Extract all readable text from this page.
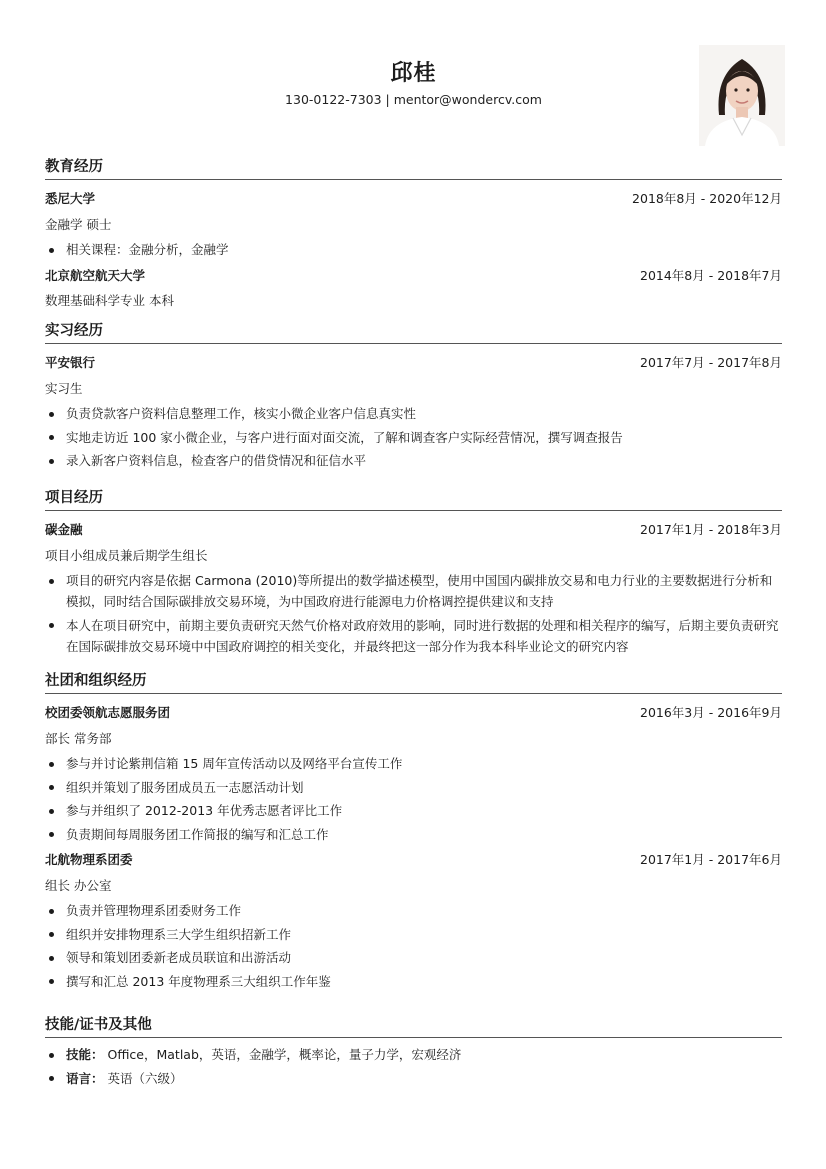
邱桂
130-0122-7303 | mentor@wondercv.com
教育经历
悉尼大学	2018年8月 - 2020年12月
金融学 硕士
相关课程：金融分析，金融学
北京航空航天大学	2014年8月 - 2018年7月
数理基础科学专业 本科
实习经历
平安银行	2017年7月 - 2017年8月
实习生
负责贷款客户资料信息整理工作，核实小微企业客户信息真实性
实地走访近 100 家小微企业，与客户进行面对面交流，了解和调查客户实际经营情况，撰写调查报告
录入新客户资料信息，检查客户的借贷情况和征信水平
项目经历
碳金融	2017年1月 - 2018年3月
项目小组成员兼后期学生组长
项目的研究内容是依据 Carmona (2010)等所提出的数学描述模型，使用中国国内碳排放交易和电力行业的主要数据进行分析和模拟，同时结合国际碳排放交易环境，为中国政府进行能源电力价格调控提供建议和支持
本人在项目研究中，前期主要负责研究天然气价格对政府效用的影响，同时进行数据的处理和相关程序的编写，后期主要负责研究在国际碳排放交易环境中中国政府调控的相关变化，并最终把这一部分作为我本科毕业论文的研究内容
社团和组织经历
校团委领航志愿服务团	2016年3月 - 2016年9月
部长 常务部
参与并讨论紫荆信箱 15 周年宣传活动以及网络平台宣传工作
组织并策划了服务团成员五一志愿活动计划
参与并组织了 2012-2013 年优秀志愿者评比工作
负责期间每周服务团工作简报的编写和汇总工作
北航物理系团委	2017年1月 - 2017年6月
组长 办公室
负责并管理物理系团委财务工作
组织并安排物理系三大学生组织招新工作
领导和策划团委新老成员联谊和出游活动
撰写和汇总 2013 年度物理系三大组织工作年鉴
技能/证书及其他
技能： Office，Matlab，英语，金融学，概率论，量子力学，宏观经济
语言： 英语（六级）
